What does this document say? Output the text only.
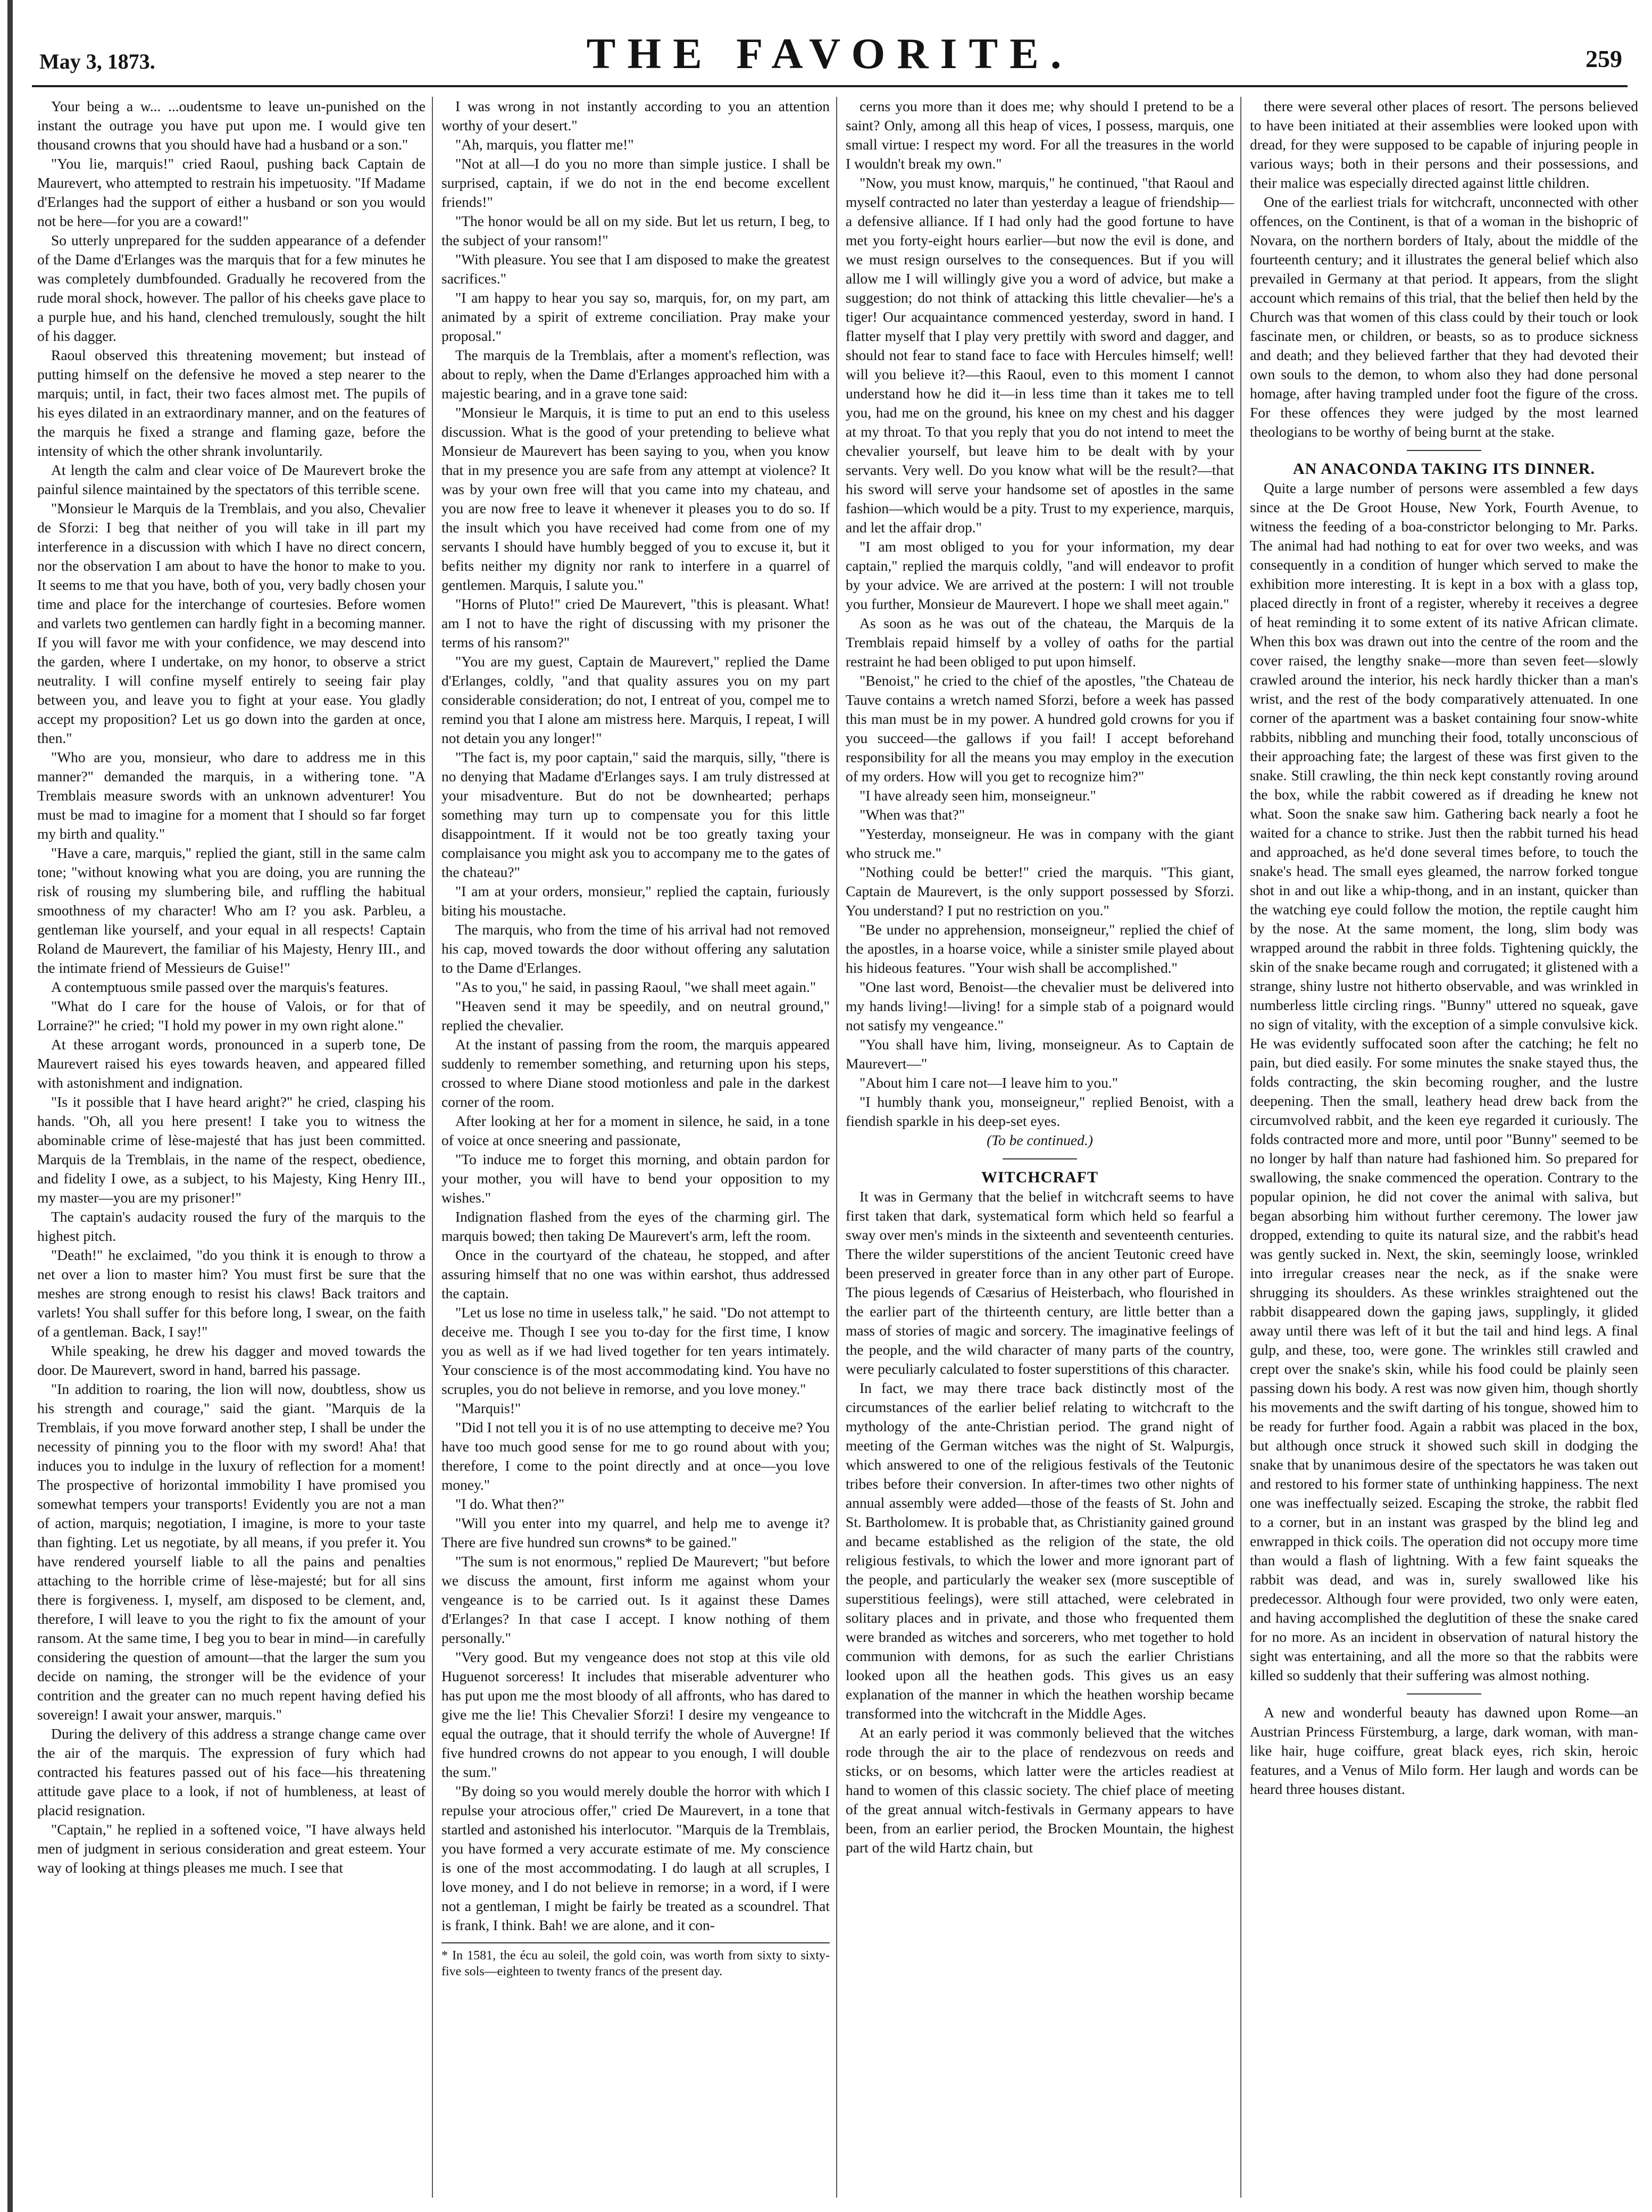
May 3, 1873.	THE FAVORITE.	259

Your being a w... ...oudentsme to leave un-punished on the instant the outrage you have put upon me. I would give ten thousand crowns that you should have had a husband or a son."

"You lie, marquis!" cried Raoul, pushing back Captain de Maurevert, who attempted to restrain his impetuosity. "If Madame d'Erlanges had the support of either a husband or son you would not be here—for you are a coward!"

So utterly unprepared for the sudden appearance of a defender of the Dame d'Erlanges was the marquis that for a few minutes he was completely dumbfounded. Gradually he recovered from the rude moral shock, however. The pallor of his cheeks gave place to a purple hue, and his hand, clenched tremulously, sought the hilt of his dagger.

Raoul observed this threatening movement; but instead of putting himself on the defensive he moved a step nearer to the marquis; until, in fact, their two faces almost met. The pupils of his eyes dilated in an extraordinary manner, and on the features of the marquis he fixed a strange and flaming gaze, before the intensity of which the other shrank involuntarily.

At length the calm and clear voice of De Maurevert broke the painful silence maintained by the spectators of this terrible scene.

"Monsieur le Marquis de la Tremblais, and you also, Chevalier de Sforzi: I beg that neither of you will take in ill part my interference in a discussion with which I have no direct concern, nor the observation I am about to have the honor to make to you. It seems to me that you have, both of you, very badly chosen your time and place for the interchange of courtesies. Before women and varlets two gentlemen can hardly fight in a becoming manner. If you will favor me with your confidence, we may descend into the garden, where I undertake, on my honor, to observe a strict neutrality. I will confine myself entirely to seeing fair play between you, and leave you to fight at your ease. You gladly accept my proposition? Let us go down into the garden at once, then."

"Who are you, monsieur, who dare to address me in this manner?" demanded the marquis, in a withering tone. "A Tremblais measure swords with an unknown adventurer! You must be mad to imagine for a moment that I should so far forget my birth and quality."

"Have a care, marquis," replied the giant, still in the same calm tone; "without knowing what you are doing, you are running the risk of rousing my slumbering bile, and ruffling the habitual smoothness of my character! Who am I? you ask. Parbleu, a gentleman like yourself, and your equal in all respects! Captain Roland de Maurevert, the familiar of his Majesty, Henry III., and the intimate friend of Messieurs de Guise!"

A contemptuous smile passed over the marquis's features.

"What do I care for the house of Valois, or for that of Lorraine?" he cried; "I hold my power in my own right alone."

At these arrogant words, pronounced in a superb tone, De Maurevert raised his eyes towards heaven, and appeared filled with astonishment and indignation.

"Is it possible that I have heard aright?" he cried, clasping his hands. "Oh, all you here present! I take you to witness the abominable crime of lèse-majesté that has just been committed. Marquis de la Tremblais, in the name of the respect, obedience, and fidelity I owe, as a subject, to his Majesty, King Henry III., my master—you are my prisoner!"

The captain's audacity roused the fury of the marquis to the highest pitch.

"Death!" he exclaimed, "do you think it is enough to throw a net over a lion to master him? You must first be sure that the meshes are strong enough to resist his claws! Back traitors and varlets! You shall suffer for this before long, I swear, on the faith of a gentleman. Back, I say!"

While speaking, he drew his dagger and moved towards the door. De Maurevert, sword in hand, barred his passage.

"In addition to roaring, the lion will now, doubtless, show us his strength and courage," said the giant. "Marquis de la Tremblais, if you move forward another step, I shall be under the necessity of pinning you to the floor with my sword! Aha! that induces you to indulge in the luxury of reflection for a moment! The prospective of horizontal immobility I have promised you somewhat tempers your transports! Evidently you are not a man of action, marquis; negotiation, I imagine, is more to your taste than fighting. Let us negotiate, by all means, if you prefer it. You have rendered yourself liable to all the pains and penalties attaching to the horrible crime of lèse-majesté; but for all sins there is forgiveness. I, myself, am disposed to be clement, and, therefore, I will leave to you the right to fix the amount of your ransom. At the same time, I beg you to bear in mind—in carefully considering the question of amount—that the larger the sum you decide on naming, the stronger will be the evidence of your contrition and the greater can no much repent having defied his sovereign! I await your answer, marquis."

During the delivery of this address a strange change came over the air of the marquis. The expression of fury which had contracted his features passed out of his face—his threatening attitude gave place to a look, if not of humbleness, at least of placid resignation.

"Captain," he replied in a softened voice, "I have always held men of judgment in serious consideration and great esteem. Your way of looking at things pleases me much. I see that

I was wrong in not instantly according to you an attention worthy of your desert."

"Ah, marquis, you flatter me!"

"Not at all—I do you no more than simple justice. I shall be surprised, captain, if we do not in the end become excellent friends!"

"The honor would be all on my side. But let us return, I beg, to the subject of your ransom!"

"With pleasure. You see that I am disposed to make the greatest sacrifices."

"I am happy to hear you say so, marquis, for, on my part, am animated by a spirit of extreme conciliation. Pray make your proposal."

The marquis de la Tremblais, after a moment's reflection, was about to reply, when the Dame d'Erlanges approached him with a majestic bearing, and in a grave tone said:

"Monsieur le Marquis, it is time to put an end to this useless discussion. What is the good of your pretending to believe what Monsieur de Maurevert has been saying to you, when you know that in my presence you are safe from any attempt at violence? It was by your own free will that you came into my chateau, and you are now free to leave it whenever it pleases you to do so. If the insult which you have received had come from one of my servants I should have humbly begged of you to excuse it, but it befits neither my dignity nor rank to interfere in a quarrel of gentlemen. Marquis, I salute you."

"Horns of Pluto!" cried De Maurevert, "this is pleasant. What! am I not to have the right of discussing with my prisoner the terms of his ransom?"

"You are my guest, Captain de Maurevert," replied the Dame d'Erlanges, coldly, "and that quality assures you on my part considerable consideration; do not, I entreat of you, compel me to remind you that I alone am mistress here. Marquis, I repeat, I will not detain you any longer!"

"The fact is, my poor captain," said the marquis, silly, "there is no denying that Madame d'Erlanges says. I am truly distressed at your misadventure. But do not be downhearted; perhaps something may turn up to compensate you for this little disappointment. If it would not be too greatly taxing your complaisance you might ask you to accompany me to the gates of the chateau?"

"I am at your orders, monsieur," replied the captain, furiously biting his moustache.

The marquis, who from the time of his arrival had not removed his cap, moved towards the door without offering any salutation to the Dame d'Erlanges.

"As to you," he said, in passing Raoul, "we shall meet again."

"Heaven send it may be speedily, and on neutral ground," replied the chevalier.

At the instant of passing from the room, the marquis appeared suddenly to remember something, and returning upon his steps, crossed to where Diane stood motionless and pale in the darkest corner of the room.

After looking at her for a moment in silence, he said, in a tone of voice at once sneering and passionate,

"To induce me to forget this morning, and obtain pardon for your mother, you will have to bend your opposition to my wishes."

Indignation flashed from the eyes of the charming girl. The marquis bowed; then taking De Maurevert's arm, left the room.

Once in the courtyard of the chateau, he stopped, and after assuring himself that no one was within earshot, thus addressed the captain.

"Let us lose no time in useless talk," he said. "Do not attempt to deceive me. Though I see you to-day for the first time, I know you as well as if we had lived together for ten years intimately. Your conscience is of the most accommodating kind. You have no scruples, you do not believe in remorse, and you love money."

"Marquis!"

"Did I not tell you it is of no use attempting to deceive me? You have too much good sense for me to go round about with you; therefore, I come to the point directly and at once—you love money."

"I do. What then?"

"Will you enter into my quarrel, and help me to avenge it? There are five hundred sun crowns* to be gained."

"The sum is not enormous," replied De Maurevert; "but before we discuss the amount, first inform me against whom your vengeance is to be carried out. Is it against these Dames d'Erlanges? In that case I accept. I know nothing of them personally."

"Very good. But my vengeance does not stop at this vile old Huguenot sorceress! It includes that miserable adventurer who has put upon me the most bloody of all affronts, who has dared to give me the lie! This Chevalier Sforzi! I desire my vengeance to equal the outrage, that it should terrify the whole of Auvergne! If five hundred crowns do not appear to you enough, I will double the sum."

"By doing so you would merely double the horror with which I repulse your atrocious offer," cried De Maurevert, in a tone that startled and astonished his interlocutor. "Marquis de la Tremblais, you have formed a very accurate estimate of me. My conscience is one of the most accommodating. I do laugh at all scruples, I love money, and I do not believe in remorse; in a word, if I were not a gentleman, I might be fairly be treated as a scoundrel. That is frank, I think. Bah! we are alone, and it con-

* In 1581, the écu au soleil, the gold coin, was worth from sixty to sixty-five sols—eighteen to twenty francs of the present day.

cerns you more than it does me; why should I pretend to be a saint? Only, among all this heap of vices, I possess, marquis, one small virtue: I respect my word. For all the treasures in the world I wouldn't break my own."

"Now, you must know, marquis," he continued, "that Raoul and myself contracted no later than yesterday a league of friendship—a defensive alliance. If I had only had the good fortune to have met you forty-eight hours earlier—but now the evil is done, and we must resign ourselves to the consequences. But if you will allow me I will willingly give you a word of advice, but make a suggestion; do not think of attacking this little chevalier—he's a tiger! Our acquaintance commenced yesterday, sword in hand. I flatter myself that I play very prettily with sword and dagger, and should not fear to stand face to face with Hercules himself; well! will you believe it?—this Raoul, even to this moment I cannot understand how he did it—in less time than it takes me to tell you, had me on the ground, his knee on my chest and his dagger at my throat. To that you reply that you do not intend to meet the chevalier yourself, but leave him to be dealt with by your servants. Very well. Do you know what will be the result?—that his sword will serve your handsome set of apostles in the same fashion—which would be a pity. Trust to my experience, marquis, and let the affair drop."

"I am most obliged to you for your information, my dear captain," replied the marquis coldly, "and will endeavor to profit by your advice. We are arrived at the postern: I will not trouble you further, Monsieur de Maurevert. I hope we shall meet again."

As soon as he was out of the chateau, the Marquis de la Tremblais repaid himself by a volley of oaths for the partial restraint he had been obliged to put upon himself.

"Benoist," he cried to the chief of the apostles, "the Chateau de Tauve contains a wretch named Sforzi, before a week has passed this man must be in my power. A hundred gold crowns for you if you succeed—the gallows if you fail! I accept beforehand responsibility for all the means you may employ in the execution of my orders. How will you get to recognize him?"

"I have already seen him, monseigneur."

"When was that?"

"Yesterday, monseigneur. He was in company with the giant who struck me."

"Nothing could be better!" cried the marquis. "This giant, Captain de Maurevert, is the only support possessed by Sforzi. You understand? I put no restriction on you."

"Be under no apprehension, monseigneur," replied the chief of the apostles, in a hoarse voice, while a sinister smile played about his hideous features. "Your wish shall be accomplished."

"One last word, Benoist—the chevalier must be delivered into my hands living!—living! for a simple stab of a poignard would not satisfy my vengeance."

"You shall have him, living, monseigneur. As to Captain de Maurevert—"

"About him I care not—I leave him to you."

"I humbly thank you, monseigneur," replied Benoist, with a fiendish sparkle in his deep-set eyes.

(To be continued.)

WITCHCRAFT

It was in Germany that the belief in witchcraft seems to have first taken that dark, systematical form which held so fearful a sway over men's minds in the sixteenth and seventeenth centuries. There the wilder superstitions of the ancient Teutonic creed have been preserved in greater force than in any other part of Europe. The pious legends of Cæsarius of Heisterbach, who flourished in the earlier part of the thirteenth century, are little better than a mass of stories of magic and sorcery. The imaginative feelings of the people, and the wild character of many parts of the country, were peculiarly calculated to foster superstitions of this character.

In fact, we may there trace back distinctly most of the circumstances of the earlier belief relating to witchcraft to the mythology of the ante-Christian period. The grand night of meeting of the German witches was the night of St. Walpurgis, which answered to one of the religious festivals of the Teutonic tribes before their conversion. In after-times two other nights of annual assembly were added—those of the feasts of St. John and St. Bartholomew. It is probable that, as Christianity gained ground and became established as the religion of the state, the old religious festivals, to which the lower and more ignorant part of the people, and particularly the weaker sex (more susceptible of superstitious feelings), were still attached, were celebrated in solitary places and in private, and those who frequented them were branded as witches and sorcerers, who met together to hold communion with demons, for as such the earlier Christians looked upon all the heathen gods. This gives us an easy explanation of the manner in which the heathen worship became transformed into the witchcraft in the Middle Ages.

At an early period it was commonly believed that the witches rode through the air to the place of rendezvous on reeds and sticks, or on besoms, which latter were the articles readiest at hand to women of this classic society. The chief place of meeting of the great annual witch-festivals in Germany appears to have been, from an earlier period, the Brocken Mountain, the highest part of the wild Hartz chain, but

there were several other places of resort. The persons believed to have been initiated at their assemblies were looked upon with dread, for they were supposed to be capable of injuring people in various ways; both in their persons and their possessions, and their malice was especially directed against little children.

One of the earliest trials for witchcraft, unconnected with other offences, on the Continent, is that of a woman in the bishopric of Novara, on the northern borders of Italy, about the middle of the fourteenth century; and it illustrates the general belief which also prevailed in Germany at that period. It appears, from the slight account which remains of this trial, that the belief then held by the Church was that women of this class could by their touch or look fascinate men, or children, or beasts, so as to produce sickness and death; and they believed farther that they had devoted their own souls to the demon, to whom also they had done personal homage, after having trampled under foot the figure of the cross. For these offences they were judged by the most learned theologians to be worthy of being burnt at the stake.

AN ANACONDA TAKING ITS DINNER.

Quite a large number of persons were assembled a few days since at the De Groot House, New York, Fourth Avenue, to witness the feeding of a boa-constrictor belonging to Mr. Parks. The animal had had nothing to eat for over two weeks, and was consequently in a condition of hunger which served to make the exhibition more interesting. It is kept in a box with a glass top, placed directly in front of a register, whereby it receives a degree of heat reminding it to some extent of its native African climate. When this box was drawn out into the centre of the room and the cover raised, the lengthy snake—more than seven feet—slowly crawled around the interior, his neck hardly thicker than a man's wrist, and the rest of the body comparatively attenuated. In one corner of the apartment was a basket containing four snow-white rabbits, nibbling and munching their food, totally unconscious of their approaching fate; the largest of these was first given to the snake. Still crawling, the thin neck kept constantly roving around the box, while the rabbit cowered as if dreading he knew not what. Soon the snake saw him. Gathering back nearly a foot he waited for a chance to strike. Just then the rabbit turned his head and approached, as he'd done several times before, to touch the snake's head. The small eyes gleamed, the narrow forked tongue shot in and out like a whip-thong, and in an instant, quicker than the watching eye could follow the motion, the reptile caught him by the nose. At the same moment, the long, slim body was wrapped around the rabbit in three folds. Tightening quickly, the skin of the snake became rough and corrugated; it glistened with a strange, shiny lustre not hitherto observable, and was wrinkled in numberless little circling rings. "Bunny" uttered no squeak, gave no sign of vitality, with the exception of a simple convulsive kick. He was evidently suffocated soon after the catching; he felt no pain, but died easily. For some minutes the snake stayed thus, the folds contracting, the skin becoming rougher, and the lustre deepening. Then the small, leathery head drew back from the circumvolved rabbit, and the keen eye regarded it curiously. The folds contracted more and more, until poor "Bunny" seemed to be no longer by half than nature had fashioned him. So prepared for swallowing, the snake commenced the operation. Contrary to the popular opinion, he did not cover the animal with saliva, but began absorbing him without further ceremony. The lower jaw dropped, extending to quite its natural size, and the rabbit's head was gently sucked in. Next, the skin, seemingly loose, wrinkled into irregular creases near the neck, as if the snake were shrugging its shoulders. As these wrinkles straightened out the rabbit disappeared down the gaping jaws, supplingly, it glided away until there was left of it but the tail and hind legs. A final gulp, and these, too, were gone. The wrinkles still crawled and crept over the snake's skin, while his food could be plainly seen passing down his body. A rest was now given him, though shortly his movements and the swift darting of his tongue, showed him to be ready for further food. Again a rabbit was placed in the box, but although once struck it showed such skill in dodging the snake that by unanimous desire of the spectators he was taken out and restored to his former state of unthinking happiness. The next one was ineffectually seized. Escaping the stroke, the rabbit fled to a corner, but in an instant was grasped by the blind leg and enwrapped in thick coils. The operation did not occupy more time than would a flash of lightning. With a few faint squeaks the rabbit was dead, and was in, surely swallowed like his predecessor. Although four were provided, two only were eaten, and having accomplished the deglutition of these the snake cared for no more. As an incident in observation of natural history the sight was entertaining, and all the more so that the rabbits were killed so suddenly that their suffering was almost nothing.

A new and wonderful beauty has dawned upon Rome—an Austrian Princess Fürstemburg, a large, dark woman, with man-like hair, huge coiffure, great black eyes, rich skin, heroic features, and a Venus of Milo form. Her laugh and words can be heard three houses distant.
